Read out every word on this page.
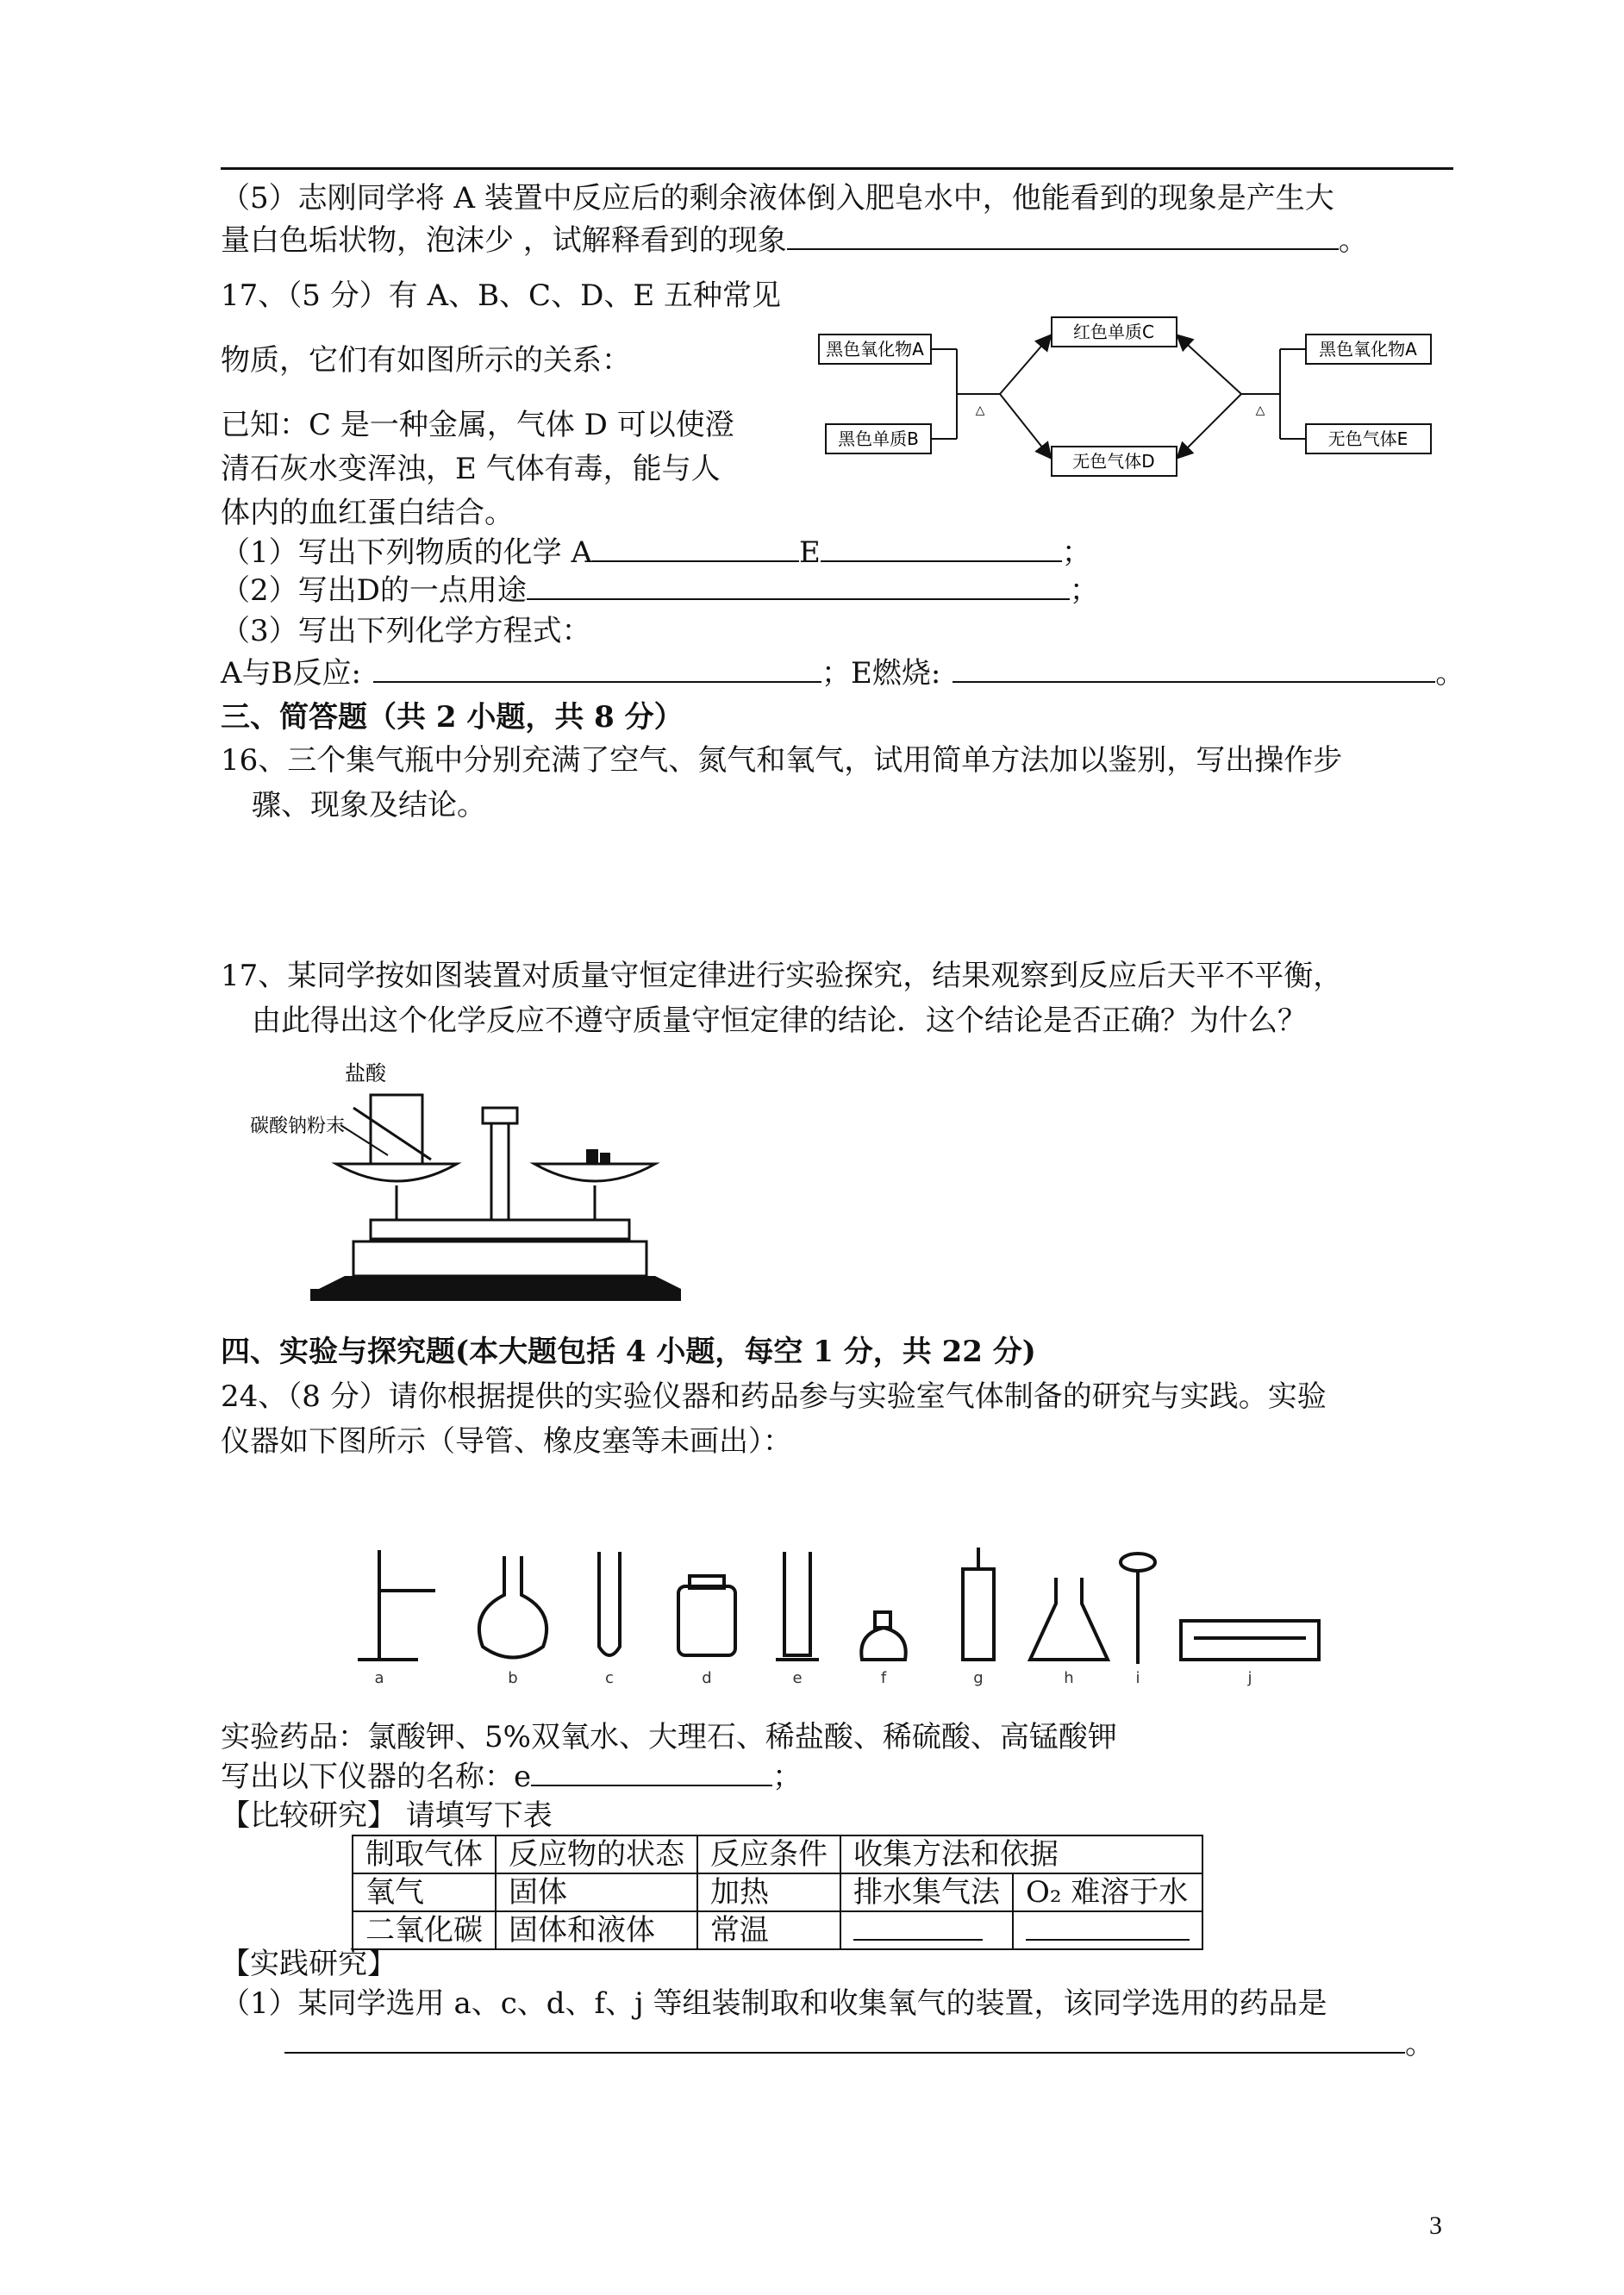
（5）志刚同学将 A 装置中反应后的剩余液体倒入肥皂水中，他能看到的现象是产生大
量白色垢状物，泡沫少 ，试解释看到的现象	。
17、（5 分）有 A、B、C、D、E 五种常见
物质，它们有如图所示的关系：
已知：C 是一种金属，气体 D 可以使澄
清石灰水变浑浊，E 气体有毒，能与人
体内的血红蛋白结合。
黑色氧化物A
黑色单质B
△
红色单质C
无色气体D
△
黑色氧化物A
无色气体E
（1）写出下列物质的化学 A	E	；
（2）写出D的一点用途	；
（3）写出下列化学方程式：
A与B反应:	；E燃烧:	。
三、简答题（共 2 小题，共 8 分）
16、三个集气瓶中分别充满了空气、氮气和氧气，试用简单方法加以鉴别，写出操作步
骤、现象及结论。
17、某同学按如图装置对质量守恒定律进行实验探究，结果观察到反应后天平不平衡，
由此得出这个化学反应不遵守质量守恒定律的结论．这个结论是否正确？为什么？
盐酸
碳酸钠粉末
四、实验与探究题(本大题包括 4 小题，每空 1 分，共 22 分)
24、（8 分）请你根据提供的实验仪器和药品参与实验室气体制备的研究与实践。实验
仪器如下图所示（导管、橡皮塞等未画出）：
a	b	c	d	e	f	g	h	i	j
实验药品：氯酸钾、5%双氧水、大理石、稀盐酸、稀硫酸、高锰酸钾
写出以下仪器的名称：e	；
【比较研究】 请填写下表
制取气体	反应物的状态	反应条件	收集方法和依据	
氧气	固体	加热	排水集气法	O₂ 难溶于水
二氧化碳	固体和液体	常温		
【实践研究】
（1）某同学选用 a、c、d、f、j 等组装制取和收集氧气的装置，该同学选用的药品是
。
3
